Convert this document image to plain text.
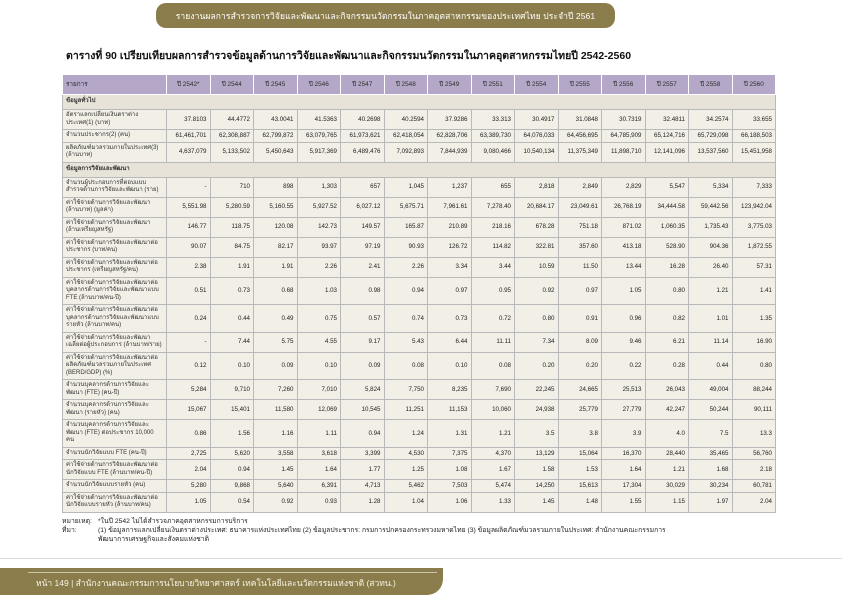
รายงานผลการสำรวจการวิจัยและพัฒนาและกิจกรรมนวัตกรรมในภาคอุตสาหกรรมของประเทศไทย ประจำปี 2561
ตารางที่ 90 เปรียบเทียบผลการสำรวจข้อมูลด้านการวิจัยและพัฒนาและกิจกรรมนวัตกรรมในภาคอุตสาหกรรมไทยปี 2542-2560
รายการ	ปี 2542*	ปี 2544	ปี 2545	ปี 2546	ปี 2547	ปี 2548	ปี 2549	ปี 2551	ปี 2554	ปี 2555	ปี 2556	ปี 2557	ปี 2558	ปี 2560
ข้อมูลทั่วไป														
อัตราแลกเปลี่ยนเงินตราต่างประเทศ(1) (บาท)	37.8103	44.4772	43.0041	41.5363	40.2698	40.2594	37.9286	33.313	30.4917	31.0848	30.7319	32.4811	34.2574	33.655
จำนวนประชากร(2) (คน)	61,461,701	62,308,887	62,799,872	63,079,765	61,973,621	62,418,054	62,828,706	63,389,730	64,076,033	64,456,695	64,785,909	65,124,716	65,729,098	66,188,503
ผลิตภัณฑ์มวลรวมภายในประเทศ(3) (ล้านบาท)	4,637,079	5,133,502	5,450,643	5,917,369	6,489,476	7,092,893	7,844,939	9,080,466	10,540,134	11,375,349	11,898,710	12,141,096	13,537,560	15,451,958
ข้อมูลการวิจัยและพัฒนา														
จำนวนผู้ประกอบการที่ตอบแบบสำรวจด้านการวิจัยและพัฒนา (ราย)	-	710	898	1,303	657	1,045	1,237	655	2,818	2,849	2,829	5,547	5,334	7,333
ค่าใช้จ่ายด้านการวิจัยและพัฒนา (ล้านบาท) (มูลค่า)	5,551.98	5,280.59	5,160.55	5,927.52	6,027.12	5,675.71	7,961.61	7,278.40	20,684.17	23,049.61	26,768.19	34,444.58	59,442.56	123,942.04
ค่าใช้จ่ายด้านการวิจัยและพัฒนา (ล้านเหรียญสหรัฐ)	146.77	118.75	120.08	142.73	149.57	165.87	210.89	218.16	678.28	751.18	871.02	1,060.35	1,735.43	3,775.03
ค่าใช้จ่ายด้านการวิจัยและพัฒนาต่อประชากร (บาท/คน)	90.07	84.75	82.17	93.97	97.19	90.93	126.72	114.82	322.81	357.60	413.18	528.90	904.36	1,872.55
ค่าใช้จ่ายด้านการวิจัยและพัฒนาต่อประชากร (เหรียญสหรัฐ/คน)	2.38	1.91	1.91	2.26	2.41	2.26	3.34	3.44	10.59	11.50	13.44	16.28	26.40	57.31
ค่าใช้จ่ายด้านการวิจัยและพัฒนาต่อบุคลากรด้านการวิจัยและพัฒนาแบบ FTE (ล้านบาท/คน-ปี)	0.51	0.73	0.68	1.03	0.98	0.94	0.97	0.95	0.92	0.97	1.05	0.80	1.21	1.41
ค่าใช้จ่ายด้านการวิจัยและพัฒนาต่อบุคลากรด้านการวิจัยและพัฒนาแบบรายหัว (ล้านบาท/คน)	0.24	0.44	0.49	0.75	0.57	0.74	0.73	0.72	0.80	0.91	0.96	0.82	1.01	1.35
ค่าใช้จ่ายด้านการวิจัยและพัฒนาเฉลี่ยต่อผู้ประกอบการ (ล้านบาท/ราย)	-	7.44	5.75	4.55	9.17	5.43	6.44	11.11	7.34	8.09	9.46	6.21	11.14	16.90
ค่าใช้จ่ายด้านการวิจัยและพัฒนาต่อผลิตภัณฑ์มวลรวมภายในประเทศ (BERD/GDP) (%)	0.12	0.10	0.09	0.10	0.09	0.08	0.10	0.08	0.20	0.20	0.22	0.28	0.44	0.80
จำนวนบุคลากรด้านการวิจัยและพัฒนา (FTE) (คน-ปี)	5,284	9,710	7,260	7,010	5,824	7,750	8,235	7,690	22,245	24,665	25,513	26,043	49,004	88,244
จำนวนบุคลากรด้านการวิจัยและพัฒนา (รายหัว) (คน)	15,067	15,401	11,580	12,069	10,545	11,251	11,153	10,060	24,938	25,779	27,779	42,247	50,244	90,111
จำนวนบุคลากรด้านการวิจัยและพัฒนา (FTE) ต่อประชากร 10,000 คน	0.86	1.56	1.16	1.11	0.94	1.24	1.31	1.21	3.5	3.8	3.9	4.0	7.5	13.3
จำนวนนักวิจัยแบบ FTE (คน-ปี)	2,725	5,620	3,558	3,618	3,399	4,530	7,375	4,370	13,129	15,064	16,370	28,440	35,465	56,760
ค่าใช้จ่ายด้านการวิจัยและพัฒนาต่อนักวิจัยแบบ FTE (ล้านบาท/คน-ปี)	2.04	0.94	1.45	1.64	1.77	1.25	1.08	1.67	1.58	1.53	1.64	1.21	1.68	2.18
จำนวนนักวิจัยแบบรายหัว (คน)	5,280	9,868	5,640	6,391	4,713	5,462	7,503	5,474	14,250	15,613	17,304	30,029	30,234	60,781
ค่าใช้จ่ายด้านการวิจัยและพัฒนาต่อนักวิจัยแบบรายหัว (ล้านบาท/คน)	1.05	0.54	0.92	0.93	1.28	1.04	1.06	1.33	1.45	1.48	1.55	1.15	1.97	2.04
หมายเหตุ: *ในปี 2542 ไม่ได้สำรวจภาคอุตสาหกรรมการบริการ
ที่มา:	(1) ข้อมูลการแลกเปลี่ยนเงินตราต่างประเทศ: ธนาคารแห่งประเทศไทย (2) ข้อมูลประชากร: กรมการปกครองกระทรวงมหาดไทย (3) ข้อมูลผลิตภัณฑ์มวลรวมภายในประเทศ: สำนักงานคณะกรรมการ
พัฒนาการเศรษฐกิจและสังคมแห่งชาติ
หน้า 149 | สำนักงานคณะกรรมการนโยบายวิทยาศาสตร์ เทคโนโลยีและนวัตกรรมแห่งชาติ (สวทน.)
